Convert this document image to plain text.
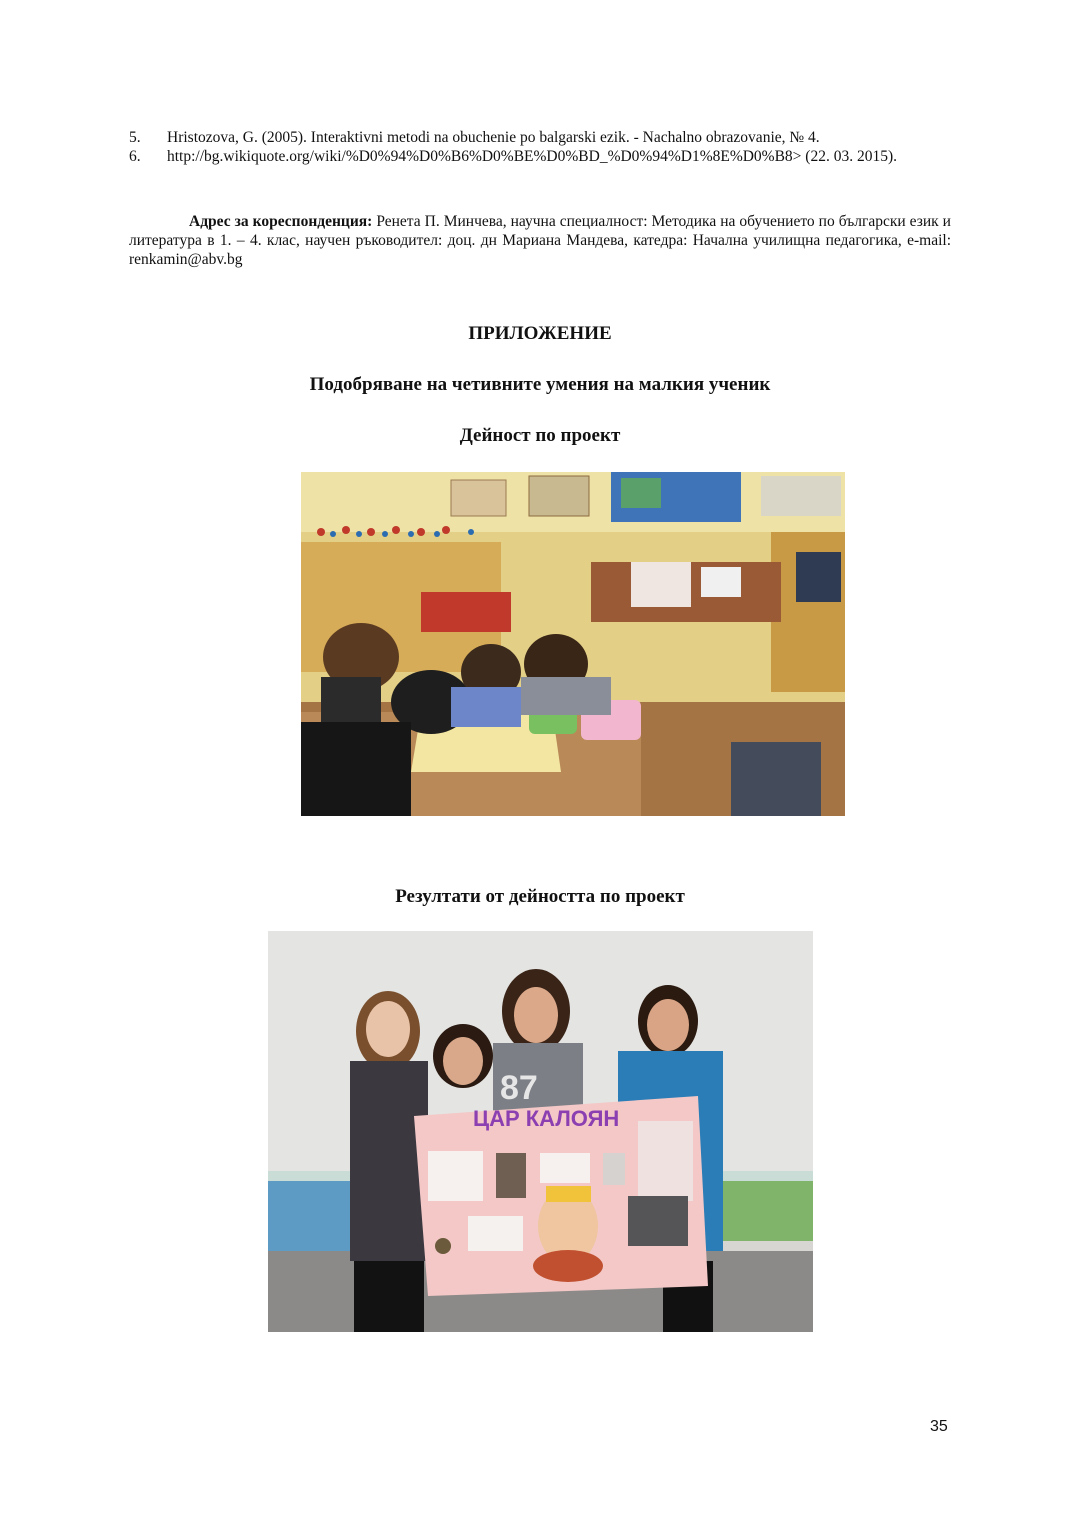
5.	Hristozova, G. (2005). Interaktivni metodi na obuchenie po balgarski ezik. - Nachalno obrazovanie, № 4.
6.	http://bg.wikiquote.org/wiki/%D0%94%D0%B6%D0%BE%D0%BD_%D0%94%D1%8E%D0%B8> (22. 03. 2015).
Адрес за кореспонденция: Ренета П. Минчева, научна специалност: Методика на обучението по български език и литература в 1. – 4. клас, научен ръководител: доц. дн Мариана Мандева, катедра: Начална училищна педагогика, e-mail: renkamin@abv.bg
ПРИЛОЖЕНИЕ
Подобряване на четивните умения на малкия ученик
Дейност по проект
Резултати от дейността по проект
ЦАР КАЛОЯН
87
35
